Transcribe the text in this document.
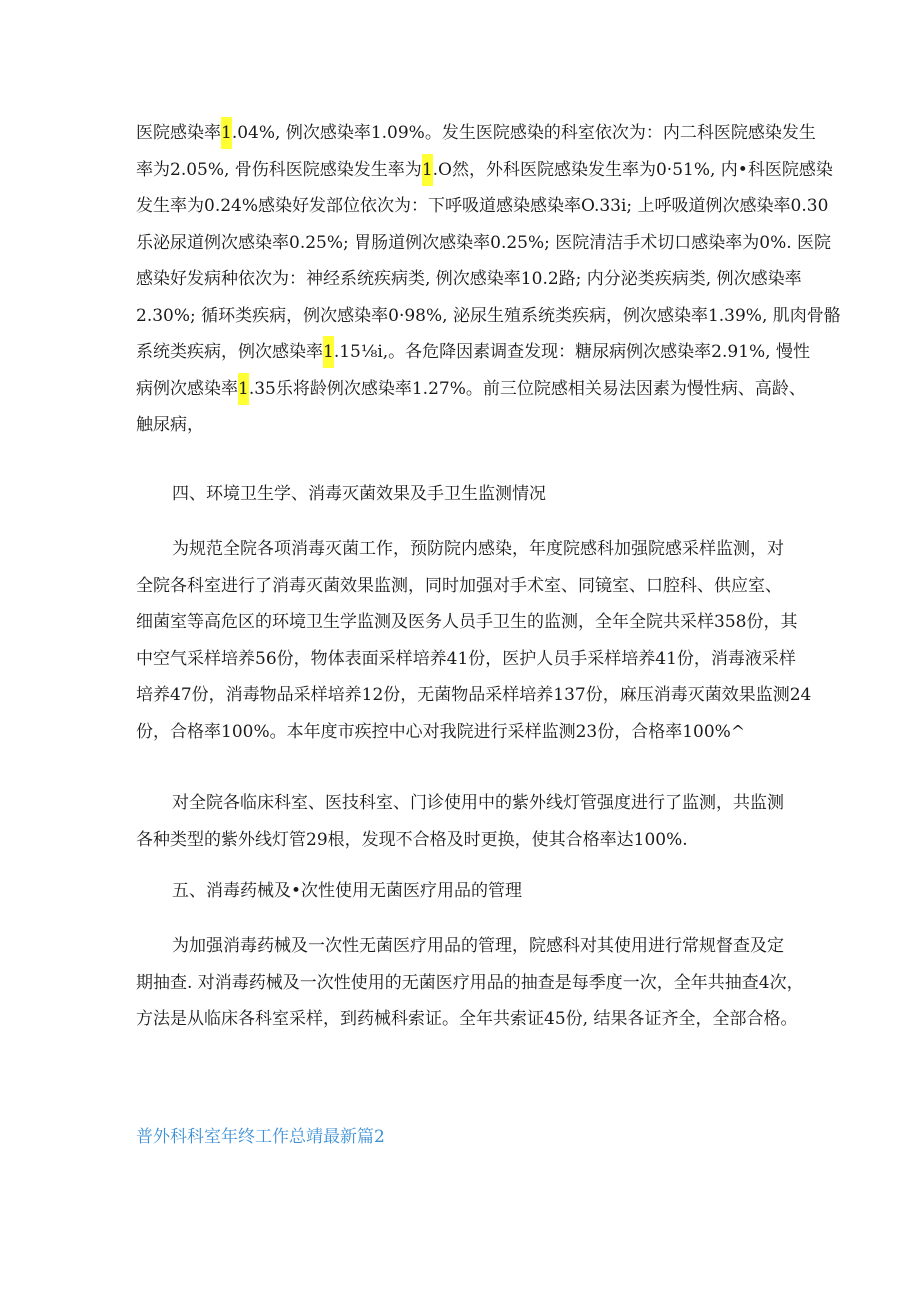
医院感染率1.04%, 例次感染率1.09%。发生医院感染的科室依次为：内二科医院感染发生
率为2.05%, 骨伤科医院感染发生率为1.O然，外科医院感染发生率为0·51%, 内•科医院感染
发生率为0.24%感染好发部位依次为：下呼吸道感染感染率O.33i; 上呼吸道例次感染率0.30
乐泌尿道例次感染率0.25%; 胃肠道例次感染率0.25%; 医院清洁手术切口感染率为0%. 医院
感染好发病种依次为：神经系统疾病类, 例次感染率10.2路; 内分泌类疾病类, 例次感染率
2.30%; 循环类疾病，例次感染率0·98%, 泌尿生殖系统类疾病，例次感染率1.39%, 肌肉骨骼
系统类疾病，例次感染率1.15⅛i,。各危降因素调查发现：糖尿病例次感染率2.91%, 慢性
病例次感染率1.35乐将龄例次感染率1.27%。前三位院感相关易法因素为慢性病、高龄、
触尿病，

四、环境卫生学、消毒灭菌效果及手卫生监测情况

为规范全院各项消毒灭菌工作，预防院内感染，年度院感科加强院感采样监测，对
全院各科室进行了消毒灭菌效果监测，同时加强对手术室、同镜室、口腔科、供应室、
细菌室等高危区的环境卫生学监测及医务人员手卫生的监测，全年全院共采样358份，其
中空气采样培养56份，物体表面采样培养41份，医护人员手采样培养41份，消毒液采样
培养47份，消毒物品采样培养12份，无菌物品采样培养137份，麻压消毒灭菌效果监测24
份，合格率100%。本年度市疾控中心对我院进行采样监测23份，合格率100%^
对全院各临床科室、医技科室、门诊使用中的紫外线灯管强度进行了监测，共监测
各种类型的紫外线灯管29根，发现不合格及时更换，使其合格率达100%.

五、消毒药械及•次性使用无菌医疗用品的管理

为加强消毒药械及一次性无菌医疗用品的管理，院感科对其使用进行常规督查及定
期抽查. 对消毒药械及一次性使用的无菌医疗用品的抽查是每季度一次，全年共抽查4次，
方法是从临床各科室采样，到药械科索证。全年共索证45份, 结果各证齐全，全部合格。

普外科科室年终工作总靖最新篇2
